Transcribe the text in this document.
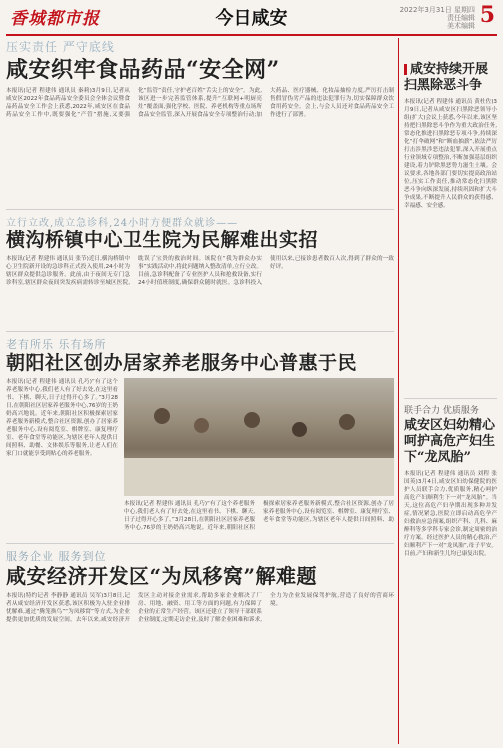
香城都市报	今日咸安	2022年3月31日 星期四
责任编辑
美术编辑 5
压实责任 严守底线
咸安织牢食品药品“安全网”
本报讯(记者 程建伟 通讯员 秦莉)3月9日,记者从咸安区2022年食品药品安全委员会全体会议暨食品药品安全工作会上获悉,2022年,咸安区在食品药品安全工作中,既要强化“产管”措施,又要强化“监管”责任,守护老百姓“舌尖上的安全”。为此,该区进一步完善监管体系,提升“互联网+明厨亮灶”覆盖面,强化学校、医院、养老机构等重点场所食品安全监管,深入开展食品安全专项整治行动;加大药品、医疗器械、化妆品抽检力度,严厉打击制售假冒伪劣产品的违法犯罪行为,切实保障群众饮食用药安全。会上,与会人员还对食品药品安全工作进行了部署。
立行立改,成立急诊科,24小时方便群众就诊——
横沟桥镇中心卫生院为民解难出实招
本报讯(记者 程建伟 通讯员 张节)近日,横沟桥镇中心卫生院新开设的急诊科正式投入使用,24小时为辖区群众提供急诊服务。此前,由于夜间无专门急诊科室,辖区群众夜间突发疾病需转诊至城区医院,耽误了宝贵的救治时间。该院在“我为群众办实事”实践活动中,将此问题纳入整改清单,立行立改。目前,急诊科配备了专业医护人员和抢救设备,实行24小时值班制度,确保群众随时就医。急诊科投入使用以来,已接诊患者数百人次,得到了群众的一致好评。
老有所乐 乐有场所
朝阳社区创办居家养老服务中心普惠于民
本报讯(记者 程建伟 通讯员 孔巧)“有了这个养老服务中心,我们老人有了好去处,在这里看书、下棋、聊天,日子过得开心多了。”3月28日,在朝阳社区居家养老服务中心,76岁的王奶奶高兴地说。近年来,朝阳社区积极探索居家养老服务新模式,整合社区资源,创办了居家养老服务中心,设有阅览室、棋牌室、康复理疗室、老年食堂等功能区,为辖区老年人提供日间照料、助餐、文体娱乐等服务,让老人们在家门口就能享受到贴心的养老服务。
本报讯(记者 程建伟 通讯员 孔巧)“有了这个养老服务中心,我们老人有了好去处,在这里看书、下棋、聊天,日子过得开心多了。”3月28日,在朝阳社区居家养老服务中心,76岁的王奶奶高兴地说。近年来,朝阳社区积极探索居家养老服务新模式,整合社区资源,创办了居家养老服务中心,设有阅览室、棋牌室、康复理疗室、老年食堂等功能区,为辖区老年人提供日间照料、助
服务企业 服务到位
咸安经济开发区“为凤移窝”解难题
本报讯(特约记者 李静静 通讯员 吴军)3月8日,记者从咸安经济开发区获悉,该区积极为入驻企业排忧解难,通过“腾笼换鸟”“为凤移窝”等方式,为企业提供更加优质的发展空间。去年以来,咸安经济开发区主动对接企业需求,帮助多家企业解决了厂房、用地、融资、用工等方面的问题,有力保障了企业的正常生产经营。该区还建立了领导干部联系企业制度,定期走访企业,及时了解企业困难和诉求,全力为企业发展保驾护航,营造了良好的营商环境。
咸安持续开展扫黑除恶斗争
本报讯(记者 程建伟 通讯员 黄杜佐)3月9日,记者从咸安区扫黑除恶领导小组(扩大)会议上获悉,今年以来,该区坚持把扫黑除恶斗争作为重大政治任务,常态化推进扫黑除恶专项斗争,持续深化“打伞破网”和“断血抽薪”,依法严厉打击涉黑涉恶违法犯罪,深入开展重点行业领域专项整治,不断加强基层组织建设,着力铲除黑恶势力滋生土壤。会议要求,各地各部门要切实提高政治站位,压实工作责任,推动常态化扫黑除恶斗争向纵深发展,持续巩固和扩大斗争成果,不断提升人民群众的获得感、幸福感、安全感。
联手合力 优质服务
咸安区妇幼精心呵护高危产妇生下“龙凤胎”
本报讯(记者 程建伟 通讯员 刘程 张国英)3月4日,咸安区妇幼保健院的医护人员联手合力,优质服务,精心呵护高危产妇顺利生下一对“龙凤胎”。当天,这位高危产妇孕期出现多种并发症,情况紧急,医院立即启动高危孕产妇救治应急预案,组织产科、儿科、麻醉科等多学科专家会诊,制定周密的治疗方案。经过医护人员的精心救治,产妇顺利产下一对“龙凤胎”,母子平安。目前,产妇和新生儿均已康复出院。
